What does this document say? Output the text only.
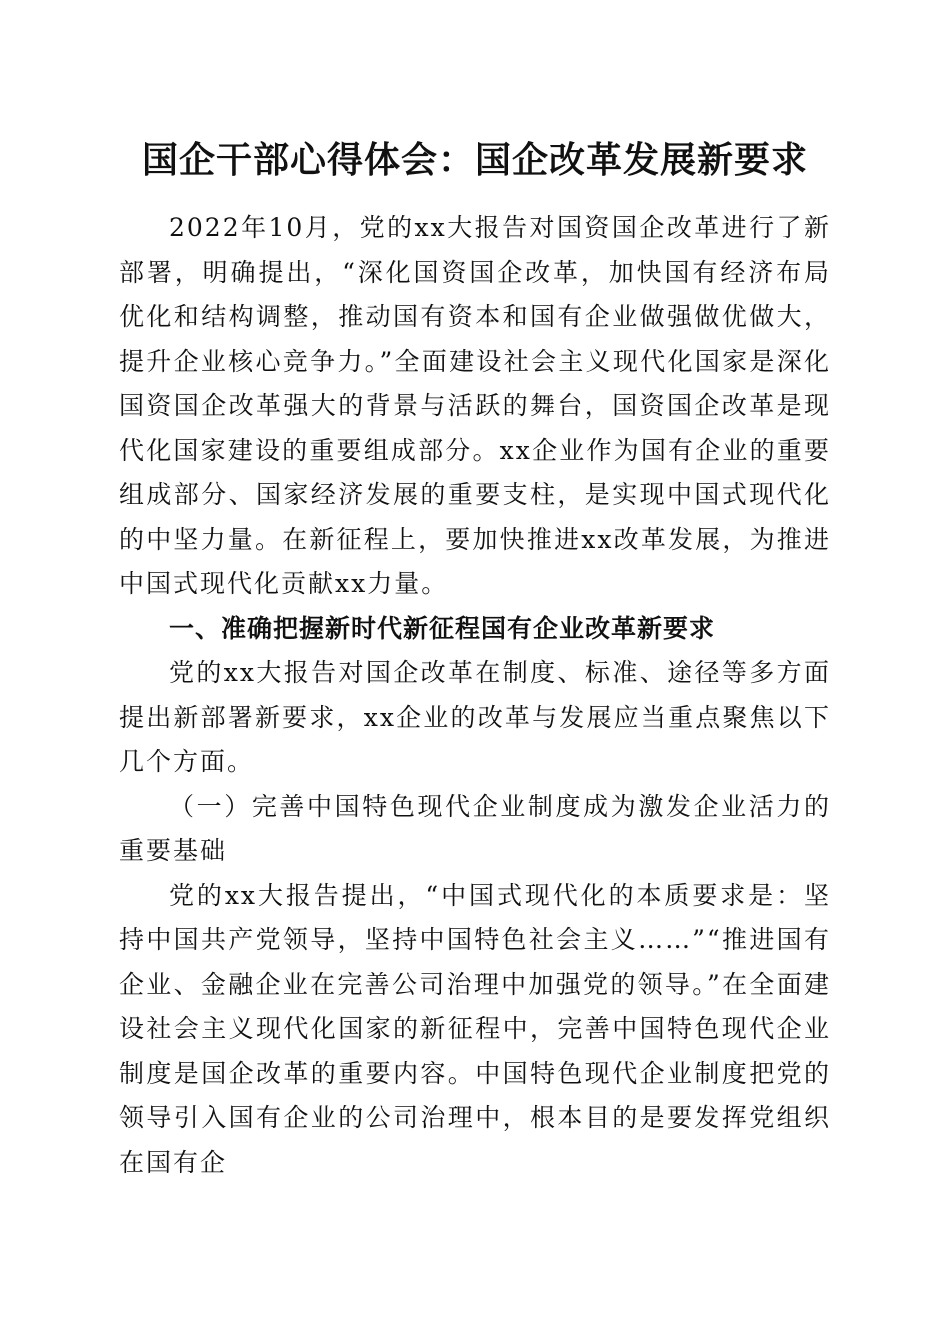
国企干部心得体会：国企改革发展新要求

2022年10月，党的xx大报告对国资国企改革进行了新部署，明确提出，“深化国资国企改革，加快国有经济布局优化和结构调整，推动国有资本和国有企业做强做优做大，提升企业核心竞争力。”全面建设社会主义现代化国家是深化国资国企改革强大的背景与活跃的舞台，国资国企改革是现代化国家建设的重要组成部分。xx企业作为国有企业的重要组成部分、国家经济发展的重要支柱，是实现中国式现代化的中坚力量。在新征程上，要加快推进xx改革发展，为推进中国式现代化贡献xx力量。

一、准确把握新时代新征程国有企业改革新要求

党的xx大报告对国企改革在制度、标准、途径等多方面提出新部署新要求，xx企业的改革与发展应当重点聚焦以下几个方面。

（一）完善中国特色现代企业制度成为激发企业活力的重要基础

党的xx大报告提出，“中国式现代化的本质要求是：坚持中国共产党领导，坚持中国特色社会主义……”“推进国有企业、金融企业在完善公司治理中加强党的领导。”在全面建设社会主义现代化国家的新征程中，完善中国特色现代企业制度是国企改革的重要内容。中国特色现代企业制度把党的领导引入国有企业的公司治理中，根本目的是要发挥党组织在国有企
